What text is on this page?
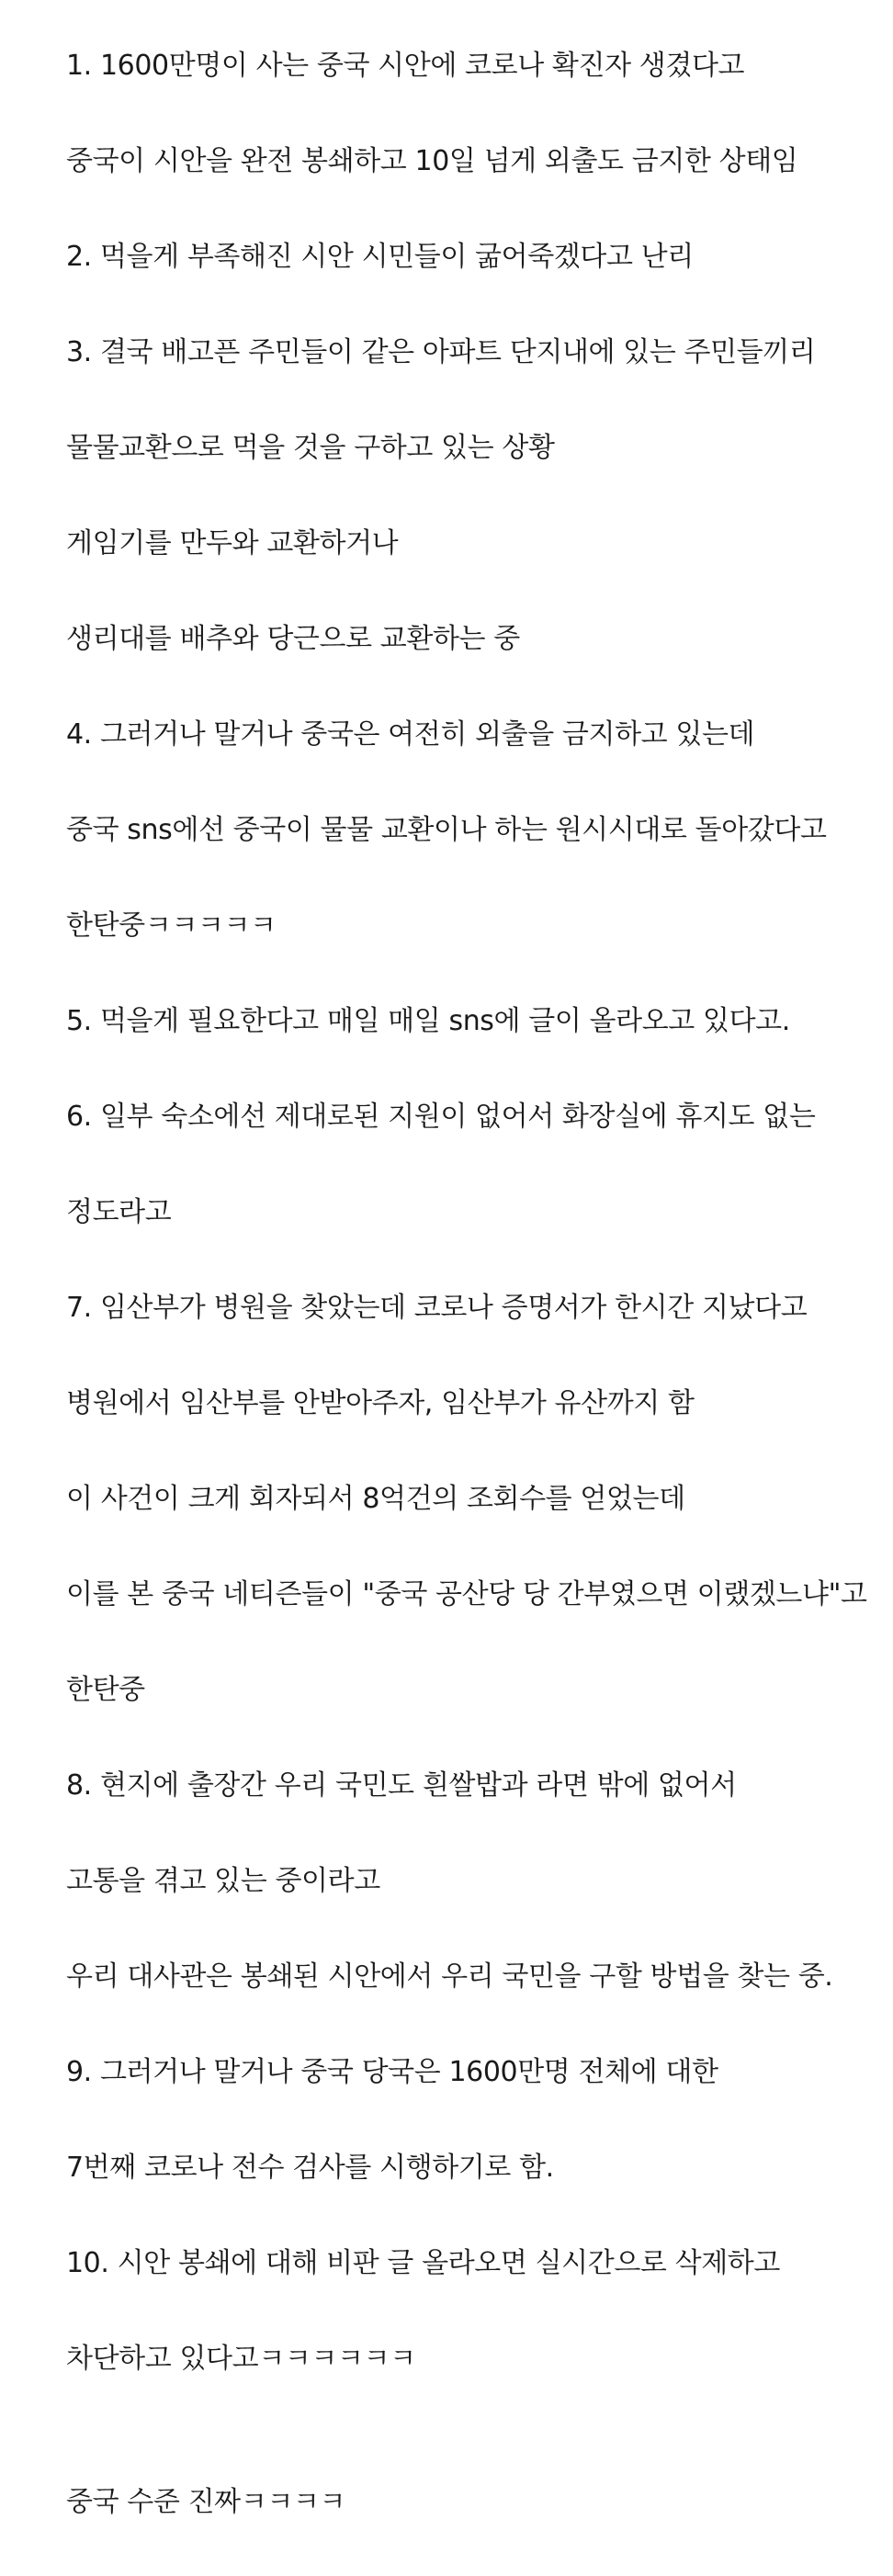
1. 1600만명이 사는 중국 시안에 코로나 확진자 생겼다고
중국이 시안을 완전 봉쇄하고 10일 넘게 외출도 금지한 상태임
2. 먹을게 부족해진 시안 시민들이 굶어죽겠다고 난리
3. 결국 배고픈 주민들이 같은 아파트 단지내에 있는 주민들끼리
물물교환으로 먹을 것을 구하고 있는 상황
게임기를 만두와 교환하거나
생리대를 배추와 당근으로 교환하는 중
4. 그러거나 말거나 중국은 여전히 외출을 금지하고 있는데
중국 sns에선 중국이 물물 교환이나 하는 원시시대로 돌아갔다고
한탄중ㅋㅋㅋㅋㅋ
5. 먹을게 필요한다고 매일 매일 sns에 글이 올라오고 있다고.
6. 일부 숙소에선 제대로된 지원이 없어서 화장실에 휴지도 없는
정도라고
7. 임산부가 병원을 찾았는데 코로나 증명서가 한시간 지났다고
병원에서 임산부를 안받아주자, 임산부가 유산까지 함
이 사건이 크게 회자되서 8억건의 조회수를 얻었는데
이를 본 중국 네티즌들이 "중국 공산당 당 간부였으면 이랬겠느냐"고
한탄중
8. 현지에 출장간 우리 국민도 흰쌀밥과 라면 밖에 없어서
고통을 겪고 있는 중이라고
우리 대사관은 봉쇄된 시안에서 우리 국민을 구할 방법을 찾는 중.
9. 그러거나 말거나 중국 당국은 1600만명 전체에 대한
7번째 코로나 전수 검사를 시행하기로 함.
10. 시안 봉쇄에 대해 비판 글 올라오면 실시간으로 삭제하고
차단하고 있다고ㅋㅋㅋㅋㅋㅋ
중국 수준 진짜ㅋㅋㅋㅋ
